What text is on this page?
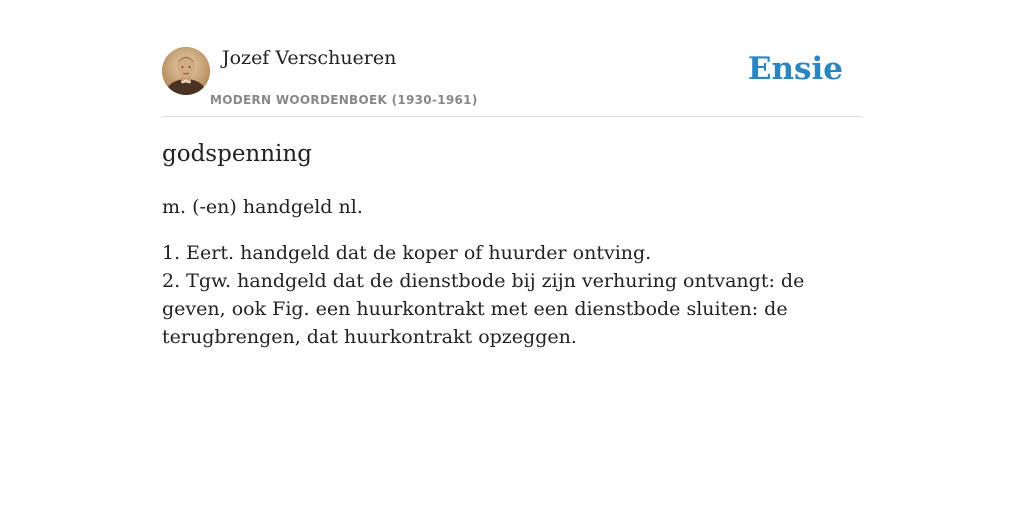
Jozef Verschueren
MODERN WOORDENBOEK (1930-1961)
Ensie
godspenning
m. (-en) handgeld nl.
1. Eert. handgeld dat de koper of huurder ontving.
2. Tgw. handgeld dat de dienstbode bij zijn verhuring ontvangt: de geven, ook Fig. een huurkontrakt met een dienstbode sluiten: de terugbrengen, dat huurkontrakt opzeggen.
